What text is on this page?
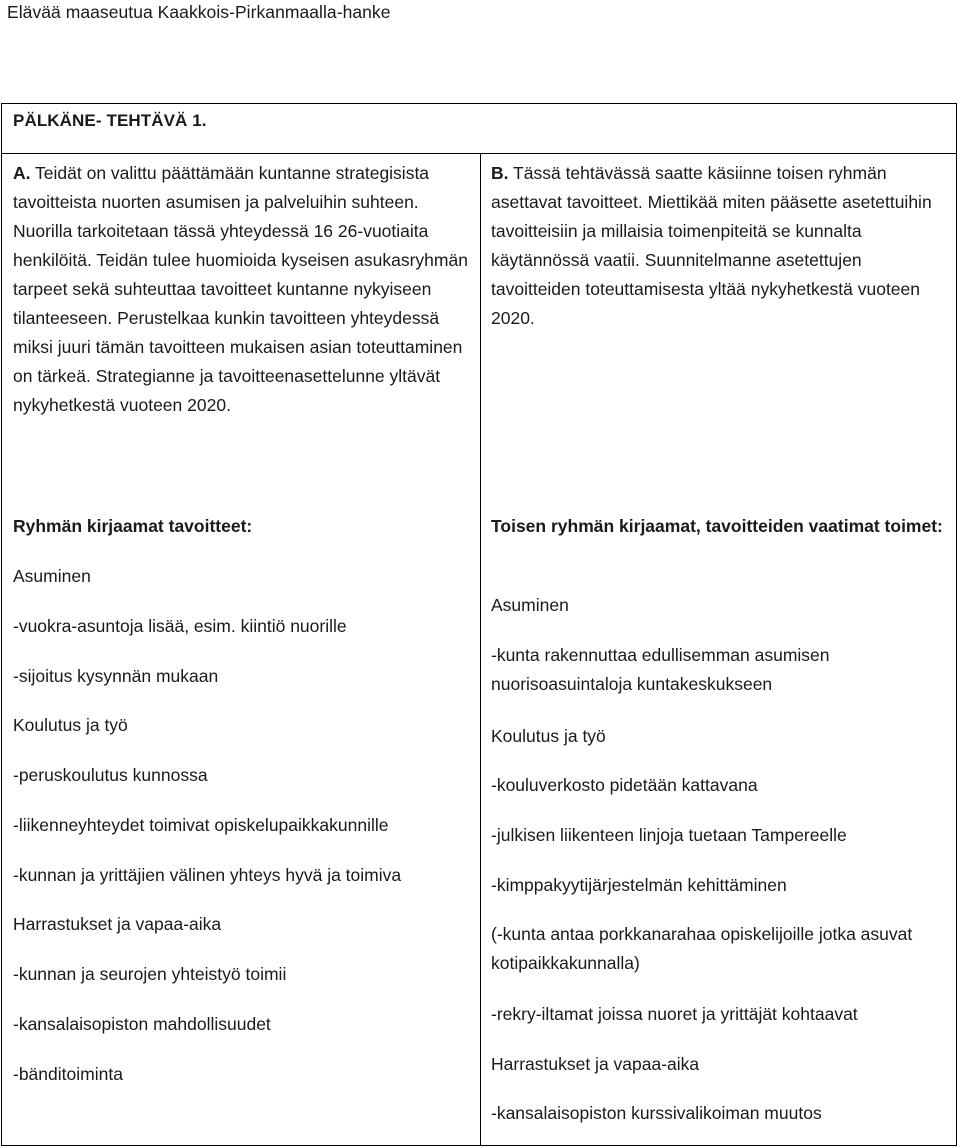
Elävää maaseutua Kaakkois-Pirkanmaalla-hanke
PÄLKÄNE- TEHTÄVÄ 1.

A. Teidät on valittu päättämään kuntanne strategisista tavoitteista nuorten asumisen ja palveluihin suhteen. Nuorilla tarkoitetaan tässä yhteydessä 16 26-vuotiaita henkilöitä. Teidän tulee huomioida kyseisen asukasryhmän tarpeet sekä suhteuttaa tavoitteet kuntanne nykyiseen tilanteeseen. Perustelkaa kunkin tavoitteen yhteydessä miksi juuri tämän tavoitteen mukaisen asian toteuttaminen on tärkeä. Strategianne ja tavoitteenasettelunne yltävät nykyhetkestä vuoteen 2020.

Ryhmän kirjaamat tavoitteet:
Asuminen
-vuokra-asuntoja lisää, esim. kiintiö nuorille
-sijoitus kysynnän mukaan
Koulutus ja työ
-peruskoulutus kunnossa
-liikenneyhteydet toimivat opiskelupaikkakunnille
-kunnan ja yrittäjien välinen yhteys hyvä ja toimiva
Harrastukset ja vapaa-aika
-kunnan ja seurojen yhteistyö toimii
-kansalaisopiston mahdollisuudet
-bänditoiminta

B. Tässä tehtävässä saatte käsiinne toisen ryhmän asettavat tavoitteet. Miettikää miten pääsette asetettuihin tavoitteisiin ja millaisia toimenpiteitä se kunnalta käytännössä vaatii. Suunnitelmanne asetettujen tavoitteiden toteuttamisesta yltää nykyhetkestä vuoteen 2020.

Toisen ryhmän kirjaamat, tavoitteiden vaatimat toimet:
Asuminen
-kunta rakennuttaa edullisemman asumisen nuorisoasuintaloja kuntakeskukseen
Koulutus ja työ
-kouluverkosto pidetään kattavana
-julkisen liikenteen linjoja tuetaan Tampereelle
-kimppakyytijärjestelmän kehittäminen
(-kunta antaa porkkanarahaa opiskelijoille jotka asuvat kotipaikkakunnalla)
-rekry-iltamat joissa nuoret ja yrittäjät kohtaavat
Harrastukset ja vapaa-aika
-kansalaisopiston kurssivalikoiman muutos
